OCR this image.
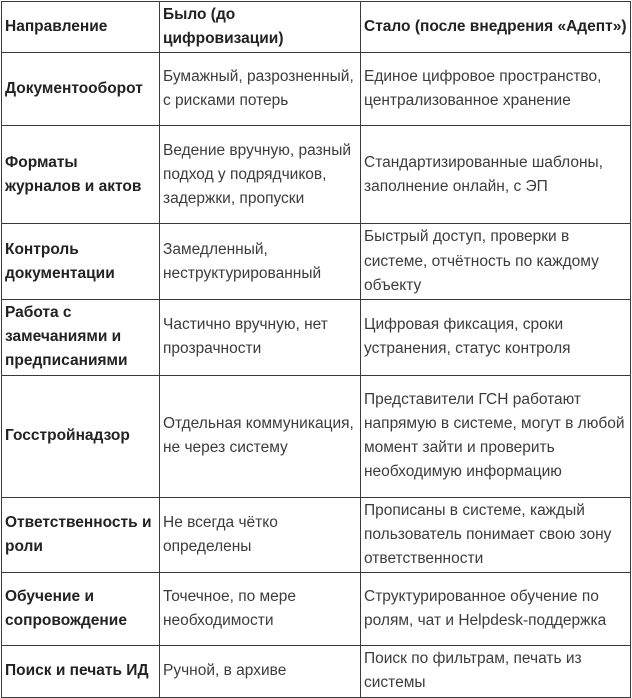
Направление	Было (до цифровизации)	Стало (после внедрения «Адепт»)
Документооборот	Бумажный, разрозненный, с рисками потерь	Единое цифровое пространство, централизованное хранение
Форматы журналов и актов	Ведение вручную, разный подход у подрядчиков, задержки, пропуски	Стандартизированные шаблоны, заполнение онлайн, с ЭП
Контроль документации	Замедленный, неструктурированный	Быстрый доступ, проверки в системе, отчётность по каждому объекту
Работа с замечаниями и предписаниями	Частично вручную, нет прозрачности	Цифровая фиксация, сроки устранения, статус контроля
Госстройнадзор	Отдельная коммуникация, не через систему	Представители ГСН работают напрямую в системе, могут в любой момент зайти и проверить необходимую информацию
Ответственность и роли	Не всегда чётко определены	Прописаны в системе, каждый пользователь понимает свою зону ответственности
Обучение и сопровождение	Точечное, по мере необходимости	Структурированное обучение по ролям, чат и Helpdesk-поддержка
Поиск и печать ИД	Ручной, в архиве	Поиск по фильтрам, печать из системы
